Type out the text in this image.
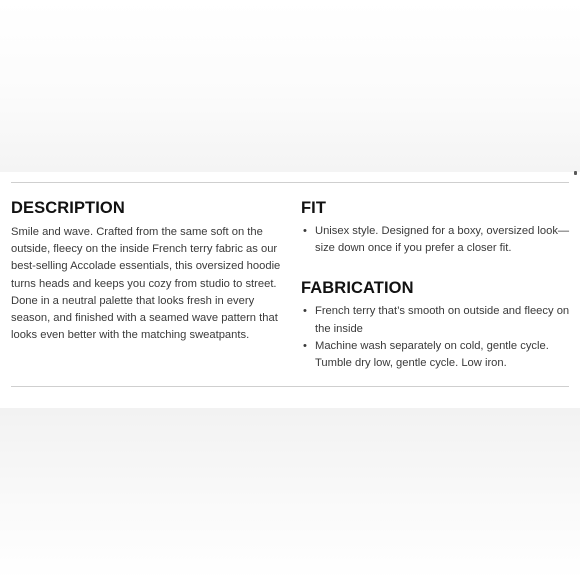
DESCRIPTION

Smile and wave. Crafted from the same soft on the outside, fleecy on the inside French terry fabric as our best-selling Accolade essentials, this oversized hoodie turns heads and keeps you cozy from studio to street. Done in a neutral palette that looks fresh in every season, and finished with a seamed wave pattern that looks even better with the matching sweatpants.

FIT
• Unisex style. Designed for a boxy, oversized look—size down once if you prefer a closer fit.
FABRICATION
• French terry that’s smooth on outside and fleecy on the inside
• Machine wash separately on cold, gentle cycle. Tumble dry low, gentle cycle. Low iron.
